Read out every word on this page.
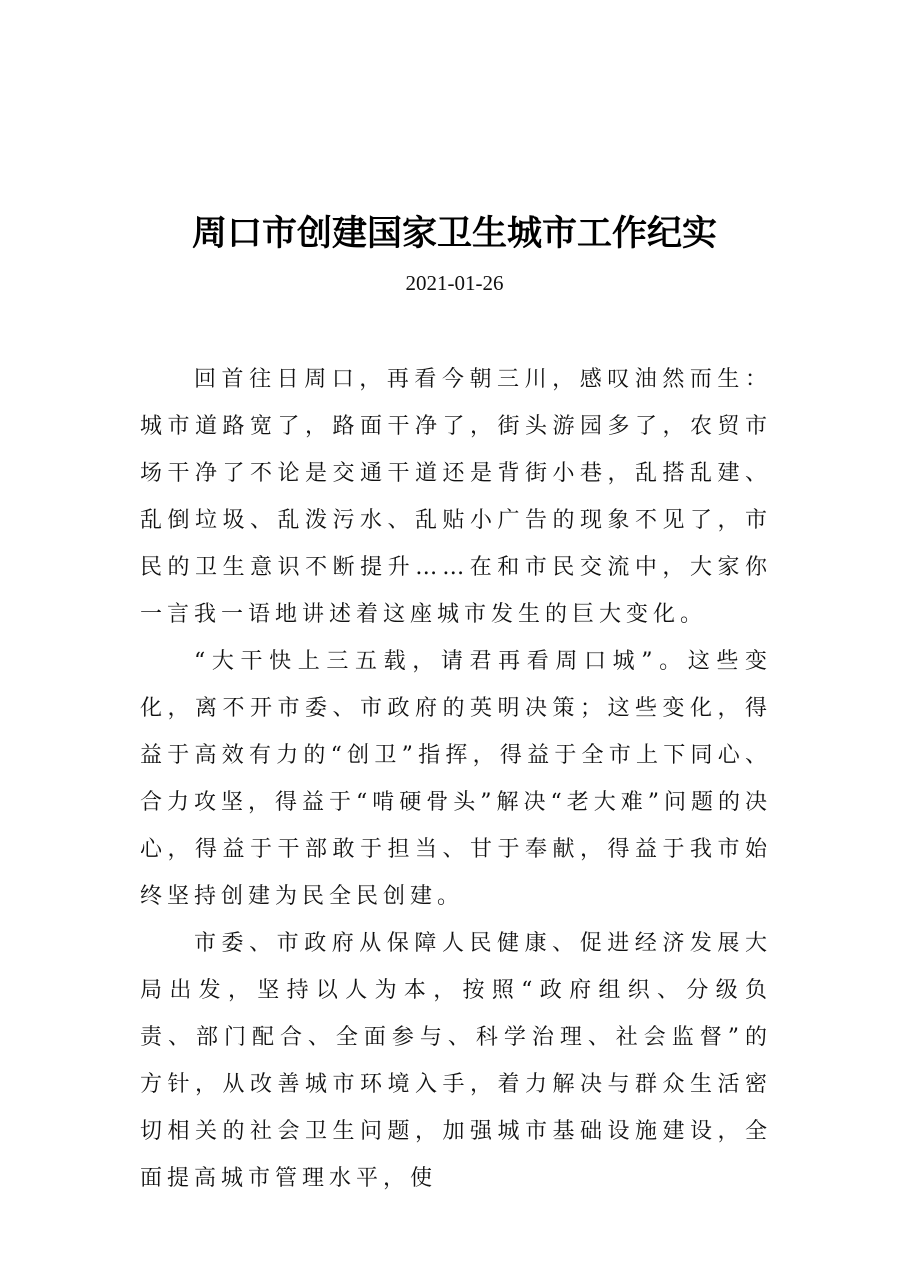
周口市创建国家卫生城市工作纪实
2021-01-26

回首往日周口，再看今朝三川，感叹油然而生：城市道路宽了，路面干净了，街头游园多了，农贸市场干净了不论是交通干道还是背街小巷，乱搭乱建、乱倒垃圾、乱泼污水、乱贴小广告的现象不见了，市民的卫生意识不断提升……在和市民交流中，大家你一言我一语地讲述着这座城市发生的巨大变化。

“大干快上三五载，请君再看周口城”。这些变化，离不开市委、市政府的英明决策；这些变化，得益于高效有力的“创卫”指挥，得益于全市上下同心、合力攻坚，得益于“啃硬骨头”解决“老大难”问题的决心，得益于干部敢于担当、甘于奉献，得益于我市始终坚持创建为民全民创建。

市委、市政府从保障人民健康、促进经济发展大局出发，坚持以人为本，按照“政府组织、分级负责、部门配合、全面参与、科学治理、社会监督”的方针，从改善城市环境入手，着力解决与群众生活密切相关的社会卫生问题，加强城市基础设施建设，全面提高城市管理水平，使
